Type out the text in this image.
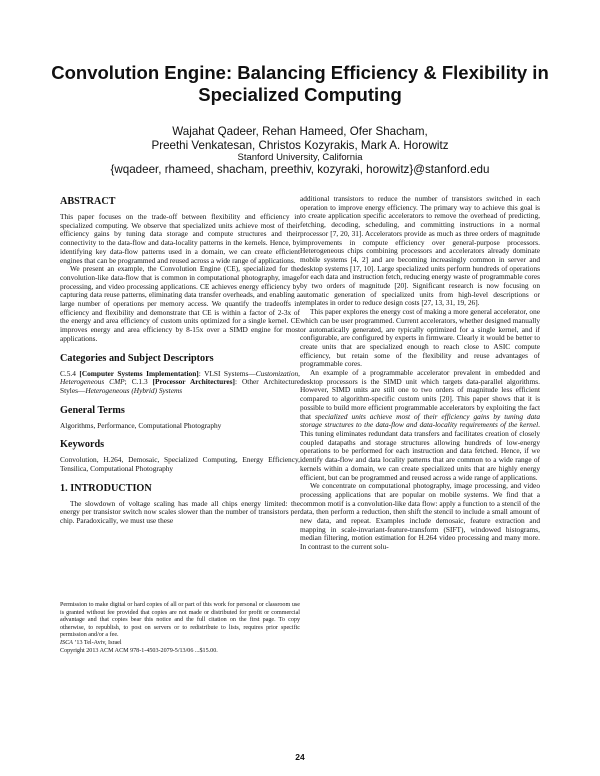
Convolution Engine: Balancing Efficiency & Flexibility in Specialized Computing
Wajahat Qadeer, Rehan Hameed, Ofer Shacham,
Preethi Venkatesan, Christos Kozyrakis, Mark A. Horowitz
Stanford University, California
{wqadeer, rhameed, shacham, preethiv, kozyraki, horowitz}@stanford.edu
ABSTRACT

This paper focuses on the trade-off between flexibility and efficiency in specialized computing. We observe that specialized units achieve most of their efficiency gains by tuning data storage and compute structures and their connectivity to the data-flow and data-locality patterns in the kernels. Hence, by identifying key data-flow patterns used in a domain, we can create efficient engines that can be programmed and reused across a wide range of applications.

We present an example, the Convolution Engine (CE), specialized for the convolution-like data-flow that is common in computational photography, image processing, and video processing applications. CE achieves energy efficiency by capturing data reuse patterns, eliminating data transfer overheads, and enabling a large number of operations per memory access. We quantify the tradeoffs in efficiency and flexibility and demonstrate that CE is within a factor of 2-3x of the energy and area efficiency of custom units optimized for a single kernel. CE improves energy and area efficiency by 8-15x over a SIMD engine for most applications.

Categories and Subject Descriptors

C.5.4 [Computer Systems Implementation]: VLSI Systems—Customization, Heterogeneous CMP; C.1.3 [Processor Architectures]: Other Architecture Styles—Heterogeneous (Hybrid) Systems

General Terms

Algorithms, Performance, Computational Photography

Keywords

Convolution, H.264, Demosaic, Specialized Computing, Energy Efficiency, Tensilica, Computational Photography

1. INTRODUCTION

The slowdown of voltage scaling has made all chips energy limited: the energy per transistor switch now scales slower than the number of transistors per chip. Paradoxically, we must use these

additional transistors to reduce the number of transistors switched in each operation to improve energy efficiency. The primary way to achieve this goal is to create application specific accelerators to remove the overhead of predicting, fetching, decoding, scheduling, and committing instructions in a normal processor [7, 20, 31]. Accelerators provide as much as three orders of magnitude improvements in compute efficiency over general-purpose processors. Heterogeneous chips combining processors and accelerators already dominate mobile systems [4, 2] and are becoming increasingly common in server and desktop systems [17, 10]. Large specialized units perform hundreds of operations for each data and instruction fetch, reducing energy waste of programmable cores by two orders of magnitude [20]. Significant research is now focusing on automatic generation of specialized units from high-level descriptions or templates in order to reduce design costs [27, 13, 31, 19, 26].

This paper explores the energy cost of making a more general accelerator, one which can be user programmed. Current accelerators, whether designed manually or automatically generated, are typically optimized for a single kernel, and if configurable, are configured by experts in firmware. Clearly it would be better to create units that are specialized enough to reach close to ASIC compute efficiency, but retain some of the flexibility and reuse advantages of programmable cores.

An example of a programmable accelerator prevalent in embedded and desktop processors is the SIMD unit which targets data-parallel algorithms. However, SIMD units are still one to two orders of magnitude less efficient compared to algorithm-specific custom units [20]. This paper shows that it is possible to build more efficient programmable accelerators by exploiting the fact that specialized units achieve most of their efficiency gains by tuning data storage structures to the data-flow and data-locality requirements of the kernel. This tuning eliminates redundant data transfers and facilitates creation of closely coupled datapaths and storage structures allowing hundreds of low-energy operations to be performed for each instruction and data fetched. Hence, if we identify data-flow and data locality patterns that are common to a wide range of kernels within a domain, we can create specialized units that are highly energy efficient, but can be programmed and reused across a wide range of applications.

We concentrate on computational photography, image processing, and video processing applications that are popular on mobile systems. We find that a common motif is a convolution-like data flow: apply a function to a stencil of the data, then perform a reduction, then shift the stencil to include a small amount of new data, and repeat. Examples include demosaic, feature extraction and mapping in scale-invariant-feature-transform (SIFT), windowed histograms, median filtering, motion estimation for H.264 video processing and many more. In contrast to the current solu-

Permission to make digital or hard copies of all or part of this work for personal or classroom use is granted without fee provided that copies are not made or distributed for profit or commercial advantage and that copies bear this notice and the full citation on the first page. To copy otherwise, to republish, to post on servers or to redistribute to lists, requires prior specific permission and/or a fee.

ISCA ’13 Tel-Aviv, Israel
Copyright 2013 ACM ACM 978-1-4503-2079-5/13/06 ...$15.00.
24
